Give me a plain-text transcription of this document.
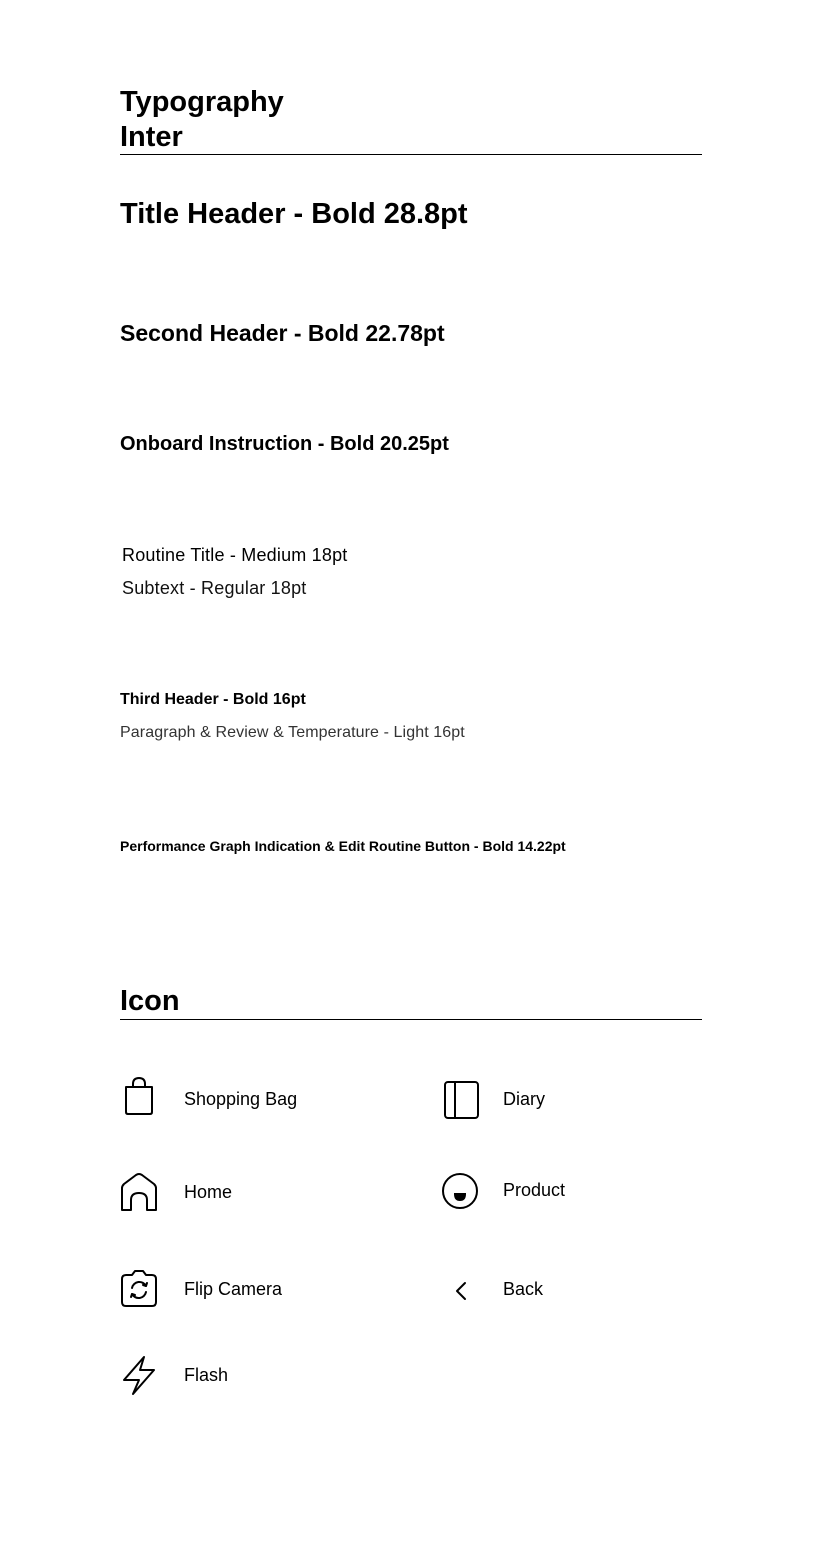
Typography
Inter
Title Header - Bold 28.8pt
Second Header - Bold 22.78pt
Onboard Instruction - Bold 20.25pt
Routine Title - Medium 18pt
Subtext - Regular 18pt
Third Header - Bold 16pt
Paragraph & Review & Temperature - Light 16pt
Performance Graph Indication & Edit Routine Button - Bold 14.22pt
Icon
Shopping Bag	Diary
Home	Product
Flip Camera	Back
Flash
